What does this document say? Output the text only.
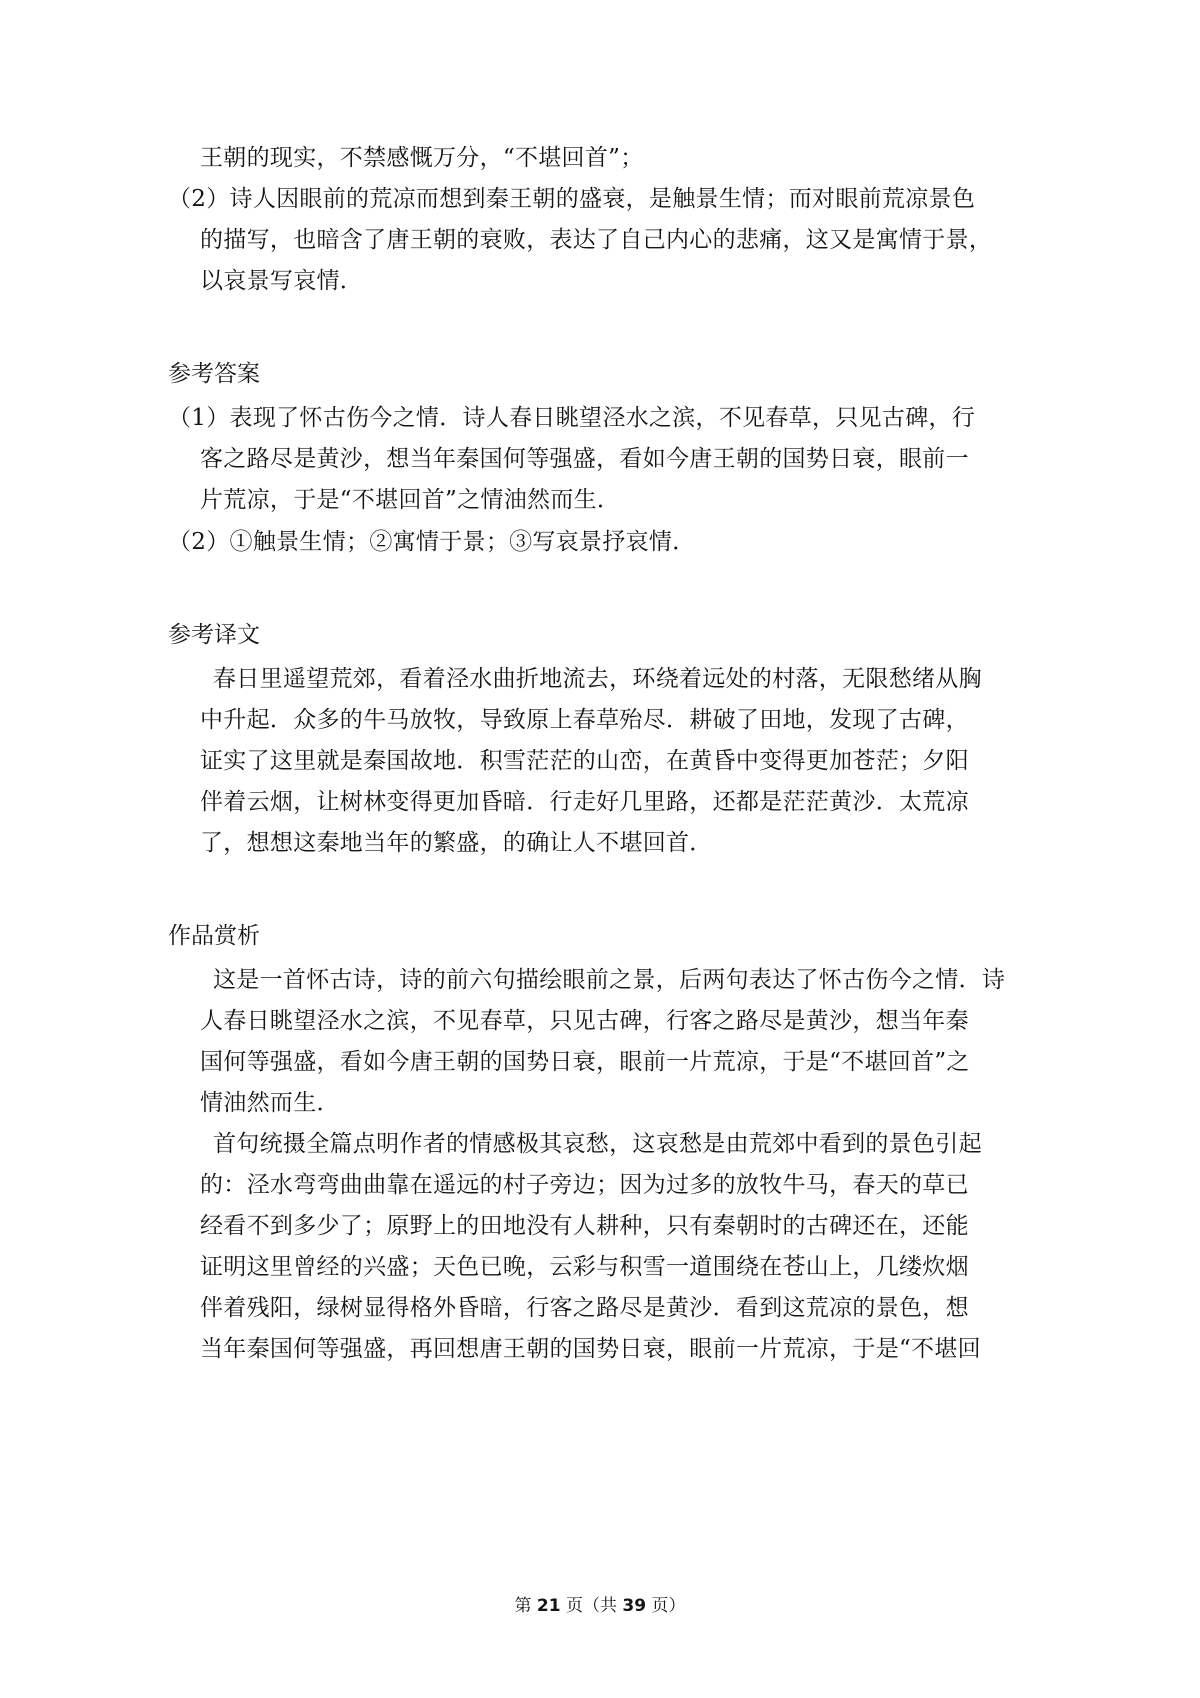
王朝的现实，不禁感慨万分，“不堪回首”；
（2）诗人因眼前的荒凉而想到秦王朝的盛衰，是触景生情；而对眼前荒凉景色
的描写，也暗含了唐王朝的衰败，表达了自己内心的悲痛，这又是寓情于景，
以哀景写哀情．
参考答案
（1）表现了怀古伤今之情．诗人春日眺望泾水之滨，不见春草，只见古碑，行
客之路尽是黄沙，想当年秦国何等强盛，看如今唐王朝的国势日衰，眼前一
片荒凉，于是“不堪回首”之情油然而生．
（2）①触景生情；②寓情于景；③写哀景抒哀情．
参考译文
春日里遥望荒郊，看着泾水曲折地流去，环绕着远处的村落，无限愁绪从胸
中升起．众多的牛马放牧，导致原上春草殆尽．耕破了田地，发现了古碑，
证实了这里就是秦国故地．积雪茫茫的山峦，在黄昏中变得更加苍茫；夕阳
伴着云烟，让树林变得更加昏暗．行走好几里路，还都是茫茫黄沙．太荒凉
了，想想这秦地当年的繁盛，的确让人不堪回首．
作品赏析
这是一首怀古诗，诗的前六句描绘眼前之景，后两句表达了怀古伤今之情．诗
人春日眺望泾水之滨，不见春草，只见古碑，行客之路尽是黄沙，想当年秦
国何等强盛，看如今唐王朝的国势日衰，眼前一片荒凉，于是“不堪回首”之
情油然而生．
首句统摄全篇点明作者的情感极其哀愁，这哀愁是由荒郊中看到的景色引起
的：泾水弯弯曲曲靠在遥远的村子旁边；因为过多的放牧牛马，春天的草已
经看不到多少了；原野上的田地没有人耕种，只有秦朝时的古碑还在，还能
证明这里曾经的兴盛；天色已晚，云彩与积雪一道围绕在苍山上，几缕炊烟
伴着残阳，绿树显得格外昏暗，行客之路尽是黄沙．看到这荒凉的景色，想
当年秦国何等强盛，再回想唐王朝的国势日衰，眼前一片荒凉，于是“不堪回
第 21 页（共 39 页）
